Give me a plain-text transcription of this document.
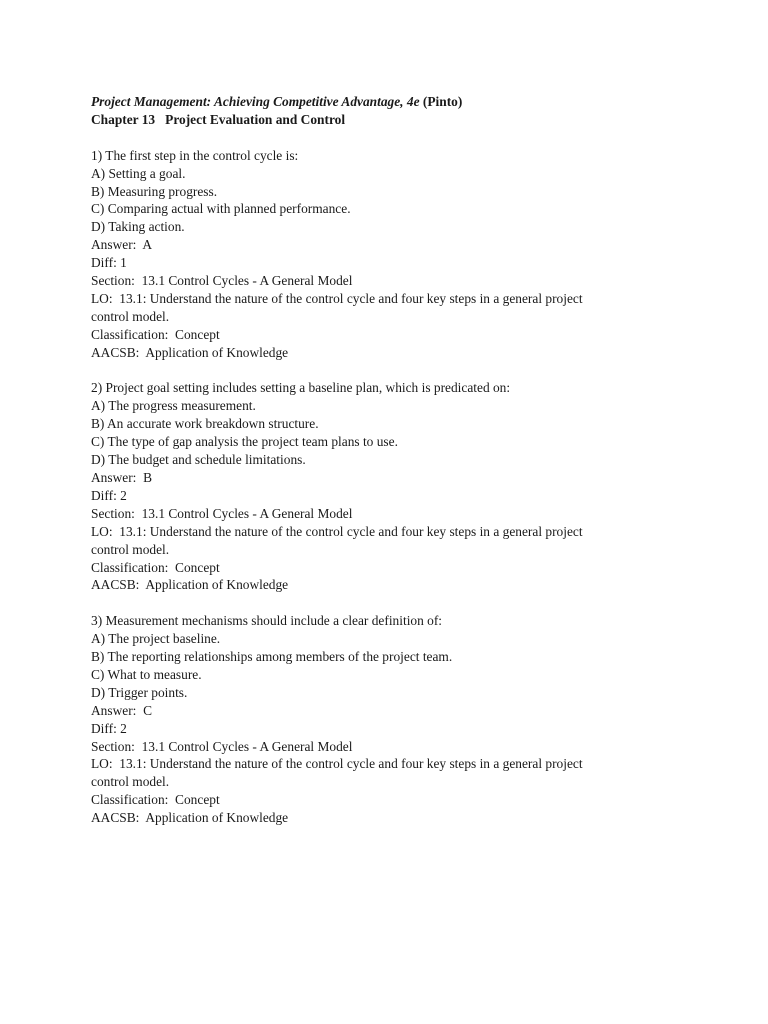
Project Management: Achieving Competitive Advantage, 4e (Pinto)
Chapter 13   Project Evaluation and Control
1) The first step in the control cycle is:
A) Setting a goal.
B) Measuring progress.
C) Comparing actual with planned performance.
D) Taking action.
Answer:  A
Diff: 1
Section:  13.1 Control Cycles - A General Model
LO:  13.1: Understand the nature of the control cycle and four key steps in a general project
control model.
Classification:  Concept
AACSB:  Application of Knowledge
2) Project goal setting includes setting a baseline plan, which is predicated on:
A) The progress measurement.
B) An accurate work breakdown structure.
C) The type of gap analysis the project team plans to use.
D) The budget and schedule limitations.
Answer:  B
Diff: 2
Section:  13.1 Control Cycles - A General Model
LO:  13.1: Understand the nature of the control cycle and four key steps in a general project
control model.
Classification:  Concept
AACSB:  Application of Knowledge
3) Measurement mechanisms should include a clear definition of:
A) The project baseline.
B) The reporting relationships among members of the project team.
C) What to measure.
D) Trigger points.
Answer:  C
Diff: 2
Section:  13.1 Control Cycles - A General Model
LO:  13.1: Understand the nature of the control cycle and four key steps in a general project
control model.
Classification:  Concept
AACSB:  Application of Knowledge
